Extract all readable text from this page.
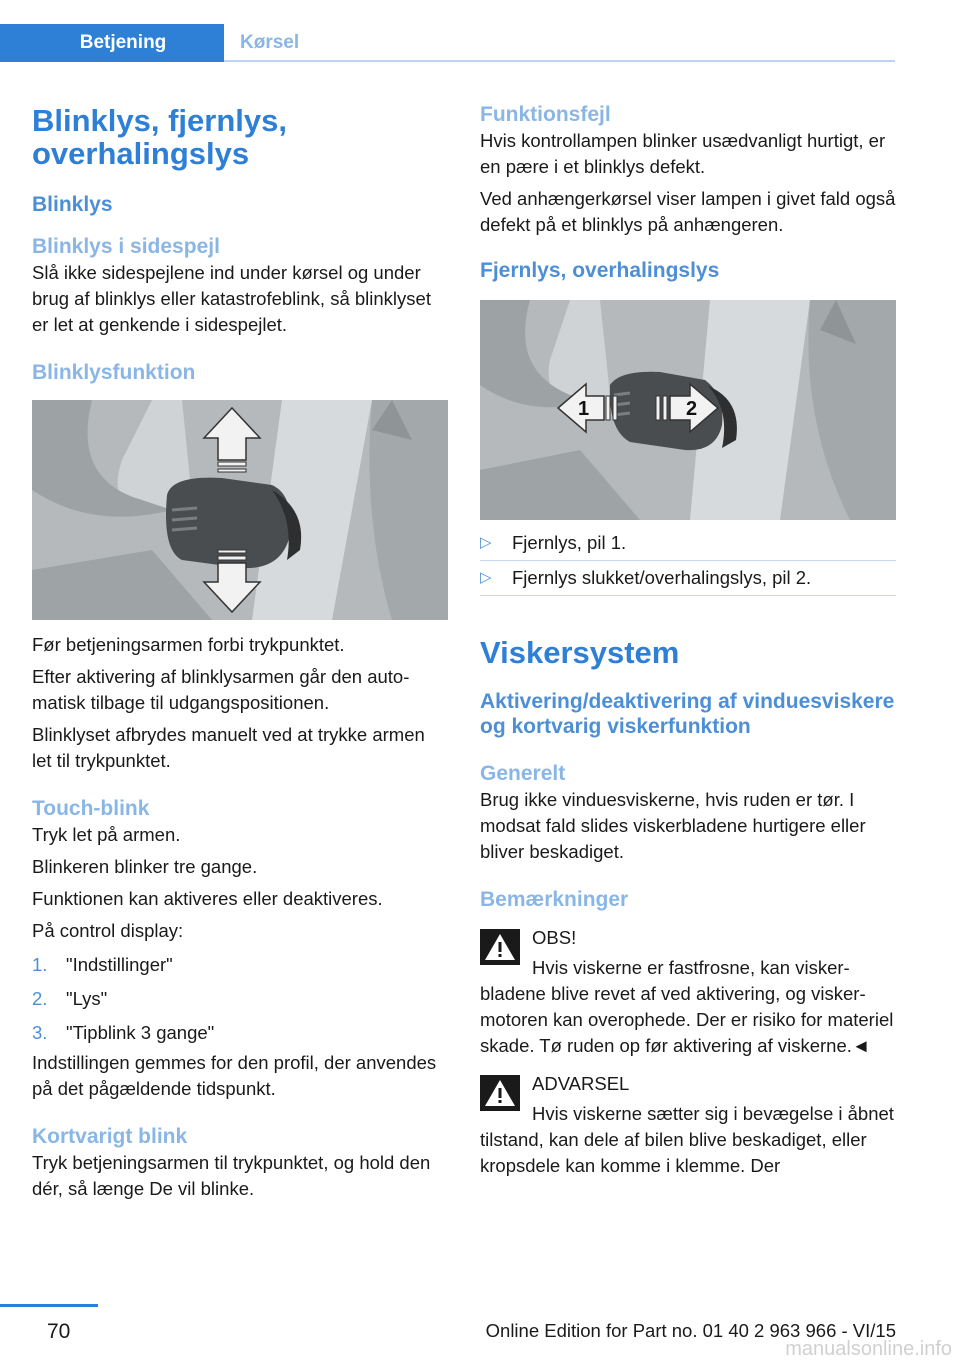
Betjening	Kørsel
Blinklys, fjernlys, overhalingslys
Blinklys
Blinklys i sidespejl

Slå ikke sidespejlene ind under kørsel og under brug af blinklys eller katastrofeblink, så blinklyset er let at genkende i sidespejlet.

Blinklysfunktion

Før betjeningsarmen forbi trykpunktet.

Efter aktivering af blinklysarmen går den automatisk tilbage til udgangspositionen.

Blinklyset afbrydes manuelt ved at trykke armen let til trykpunktet.

Touch-blink

Tryk let på armen.

Blinkeren blinker tre gange.

Funktionen kan aktiveres eller deaktiveres.

På control display:

1.	"Indstillinger"
2.	"Lys"
3.	"Tipblink 3 gange"

Indstillingen gemmes for den profil, der anvendes på det pågældende tidspunkt.

Kortvarigt blink

Tryk betjeningsarmen til trykpunktet, og hold den dér, så længe De vil blinke.

Funktionsfejl

Hvis kontrollampen blinker usædvanligt hurtigt, er en pære i et blinklys defekt.

Ved anhængerkørsel viser lampen i givet fald også defekt på et blinklys på anhængeren.

Fjernlys, overhalingslys
1	2
▷	Fjernlys, pil 1.
▷	Fjernlys slukket/overhalingslys, pil 2.
Viskersystem
Aktivering/deaktivering af vinduesviskere og kortvarig viskerfunktion
Generelt

Brug ikke vinduesviskerne, hvis ruden er tør. I modsat fald slides viskerbladene hurtigere eller bliver beskadiget.

Bemærkninger

OBS!

Hvis viskerne er fastfrosne, kan viskerbladene blive revet af ved aktivering, og viskermotoren kan overophede. Der er risiko for materiel skade. Tø ruden op før aktivering af viskerne.◄

ADVARSEL

Hvis viskerne sætter sig i bevægelse i åbnet tilstand, kan dele af bilen blive beskadiget, eller kropsdele kan komme i klemme. Der

70	Online Edition for Part no. 01 40 2 963 966 - VI/15
manualsonline.info
